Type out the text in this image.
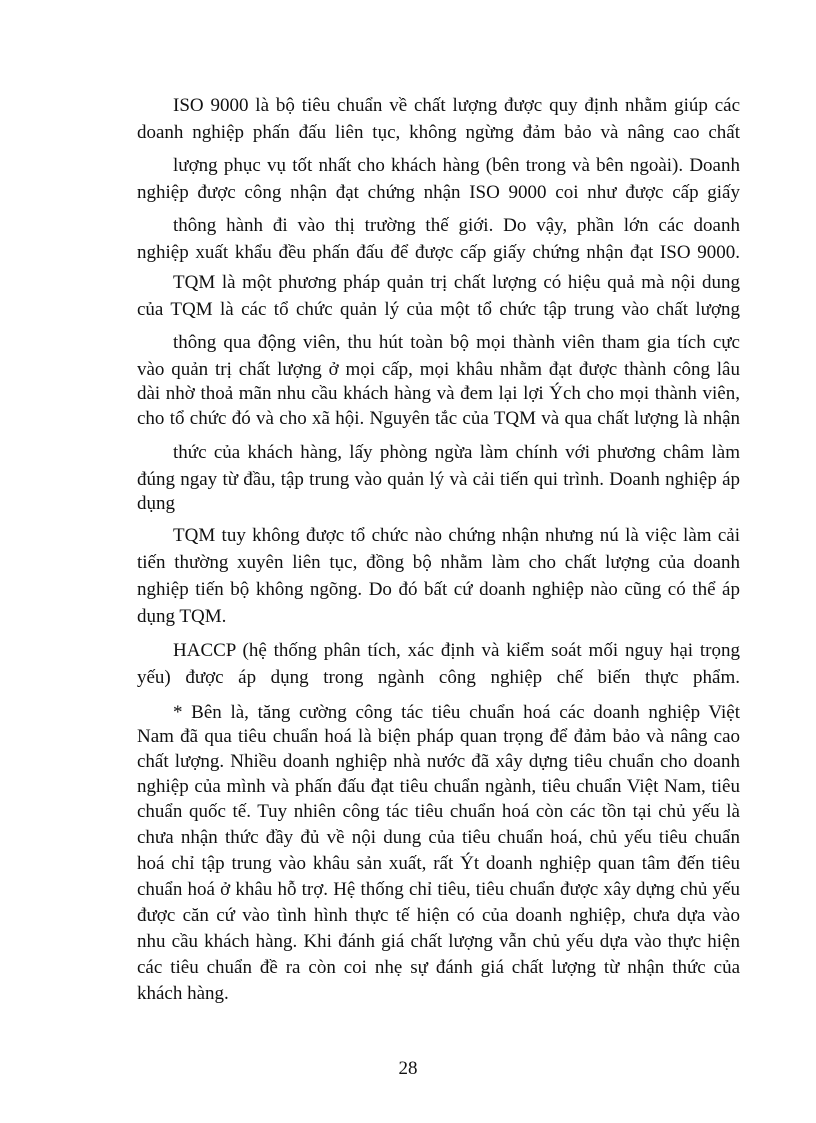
ISO 9000 là bộ tiêu chuẩn về chất lượng được quy định nhằm giúp các
doanh nghiệp phấn đấu liên tục, không ngừng đảm bảo và nâng cao chất
lượng phục vụ tốt nhất cho khách hàng (bên trong và bên ngoài). Doanh
nghiệp được công nhận đạt chứng nhận ISO 9000 coi như được cấp giấy
thông hành đi vào thị trường thế giới. Do vậy, phần lớn các doanh
nghiệp xuất khẩu đều phấn đấu để được cấp giấy chứng nhận đạt ISO 9000.
TQM là một phương pháp quản trị chất lượng có hiệu quả mà nội dung
của TQM là các tổ chức quản lý của một tổ chức tập trung vào chất lượng
thông qua động viên, thu hút toàn bộ mọi thành viên tham gia tích cực
vào quản trị chất lượng ở mọi cấp, mọi khâu nhằm đạt được thành công lâu
dài nhờ thoả mãn nhu cầu khách hàng và đem lại lợi Ých cho mọi thành viên,
cho tổ chức đó và cho xã hội. Nguyên tắc của TQM và qua chất lượng là nhận
thức của khách hàng, lấy phòng ngừa làm chính với phương châm làm
đúng ngay từ đầu, tập trung vào quản lý và cải tiến qui trình. Doanh nghiệp áp
dụng
TQM tuy không được tổ chức nào chứng nhận nhưng nú là việc làm cải
tiến thường xuyên liên tục, đồng bộ nhằm làm cho chất lượng của doanh
nghiệp tiến bộ không ngõng. Do đó bất cứ doanh nghiệp nào cũng có thể áp
dụng TQM.
HACCP (hệ thống phân tích, xác định và kiểm soát mối nguy hại trọng
yếu) được áp dụng trong ngành công nghiệp chế biến thực phẩm.
* Bên là, tăng cường công tác tiêu chuẩn hoá các doanh nghiệp Việt
Nam đã qua tiêu chuẩn hoá là biện pháp quan trọng để đảm bảo và nâng cao
chất lượng. Nhiều doanh nghiệp nhà nước đã xây dựng tiêu chuẩn cho doanh
nghiệp của mình và phấn đấu đạt tiêu chuẩn ngành, tiêu chuẩn Việt Nam, tiêu
chuẩn quốc tế. Tuy nhiên công tác tiêu chuẩn hoá còn các tồn tại chủ yếu là
chưa nhận thức đầy đủ về nội dung của tiêu chuẩn hoá, chủ yếu tiêu chuẩn
hoá chỉ tập trung vào khâu sản xuất, rất Ýt doanh nghiệp quan tâm đến tiêu
chuẩn hoá ở khâu hỗ trợ. Hệ thống chỉ tiêu, tiêu chuẩn được xây dựng chủ yếu
được căn cứ vào tình hình thực tế hiện có của doanh nghiệp, chưa dựa vào
nhu cầu khách hàng. Khi đánh giá chất lượng vẫn chủ yếu dựa vào thực hiện
các tiêu chuẩn đề ra còn coi nhẹ sự đánh giá chất lượng từ nhận thức của
khách hàng.
28
